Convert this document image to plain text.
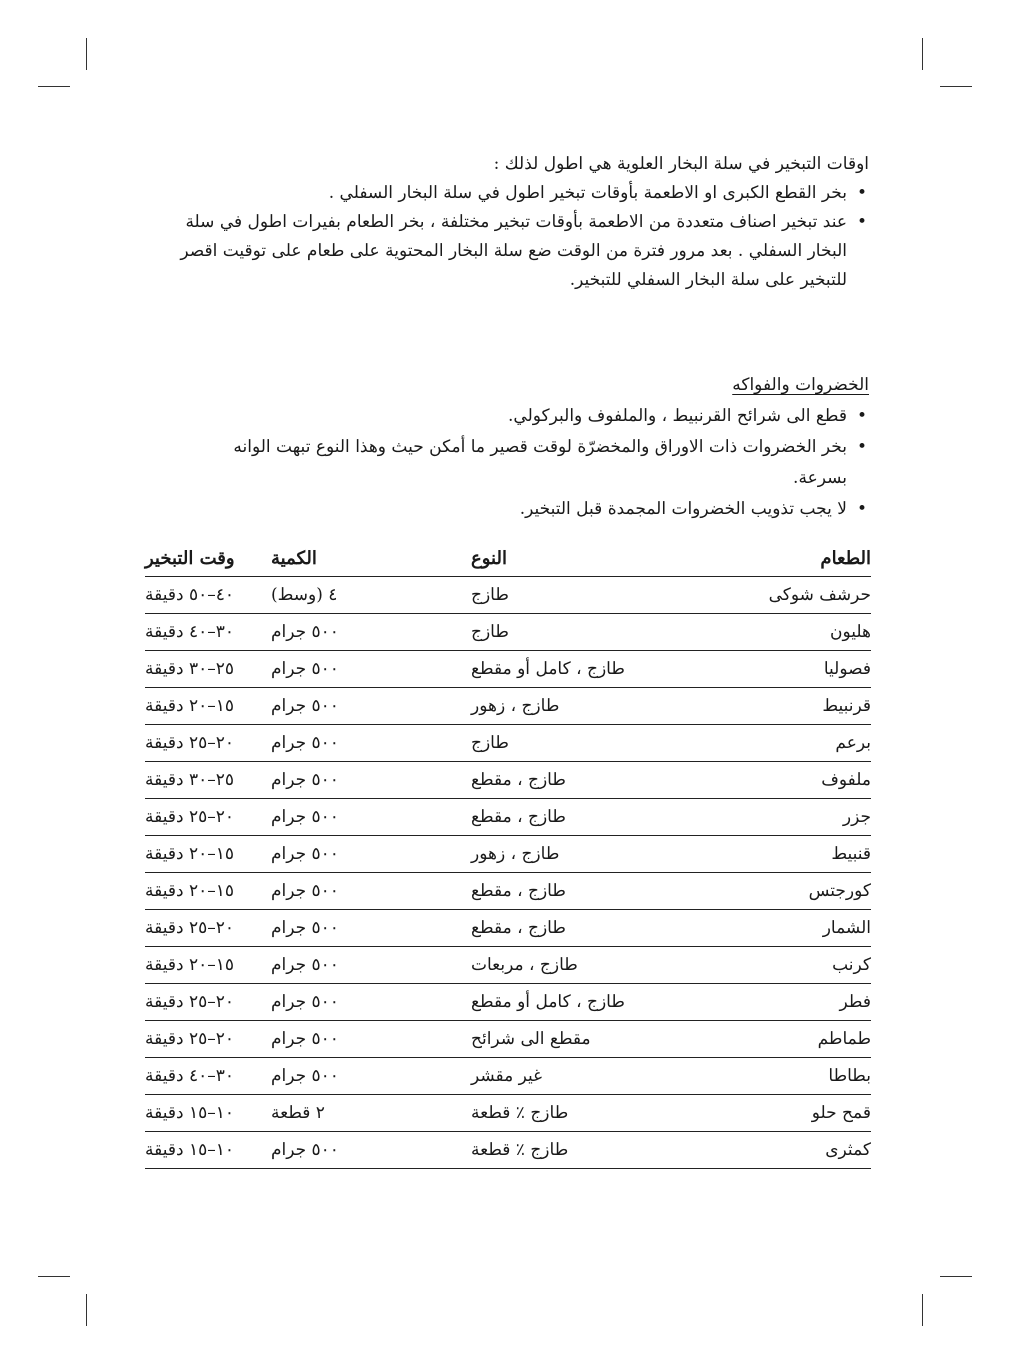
اوقات التبخير في سلة البخار العلوية هي اطول لذلك :

• بخر القطع الكبرى او الاطعمة بأوقات تبخير اطول في سلة البخار السفلي .
• عند تبخير اصناف متعددة من الاطعمة بأوقات تبخير مختلفة ، بخر الطعام بفيرات اطول في سلة البخار السفلي . بعد مرور فترة من الوقت ضع سلة البخار المحتوية على طعام على توقيت اقصر للتبخير على سلة البخار السفلي للتبخير.
الخضروات والفواكه
• قطع الى شرائح القرنبيط ، والملفوف والبركولي.
• بخر الخضروات ذات الاوراق والمخضرّة لوقت قصير ما أمكن حيث وهذا النوع تبهت الوانه بسرعة.
• لا يجب تذويب الخضروات المجمدة قبل التبخير.
الطعام	النوع	الكمية	وقت التبخير
حرشف شوكى	طازج	٤ (وسط)	٤٠–٥٠ دقيقة
هليون	طازج	٥٠٠ جرام	٣٠–٤٠ دقيقة
فصوليا	طازج ، كامل أو مقطع	٥٠٠ جرام	٢٥–٣٠ دقيقة
قرنبيط	طازج ، زهور	٥٠٠ جرام	١٥–٢٠ دقيقة
برعم	طازج	٥٠٠ جرام	٢٠–٢٥ دقيقة
ملفوف	طازج ، مقطع	٥٠٠ جرام	٢٥–٣٠ دقيقة
جزر	طازج ، مقطع	٥٠٠ جرام	٢٠–٢٥ دقيقة
قنبيط	طازج ، زهور	٥٠٠ جرام	١٥–٢٠ دقيقة
كورجتس	طازج ، مقطع	٥٠٠ جرام	١٥–٢٠ دقيقة
الشمار	طازج ، مقطع	٥٠٠ جرام	٢٠–٢٥ دقيقة
كرنب	طازج ، مربعات	٥٠٠ جرام	١٥–٢٠ دقيقة
فطر	طازج ، كامل أو مقطع	٥٠٠ جرام	٢٠–٢٥ دقيقة
طماطم	مقطع الى شرائح	٥٠٠ جرام	٢٠–٢٥ دقيقة
بطاطا	غير مقشر	٥٠٠ جرام	٣٠–٤٠ دقيقة
قمح حلو	طازج ٪ قطعة	٢ قطعة	١٠–١٥ دقيقة
كمثرى	طازج ٪ قطعة	٥٠٠ جرام	١٠–١٥ دقيقة
